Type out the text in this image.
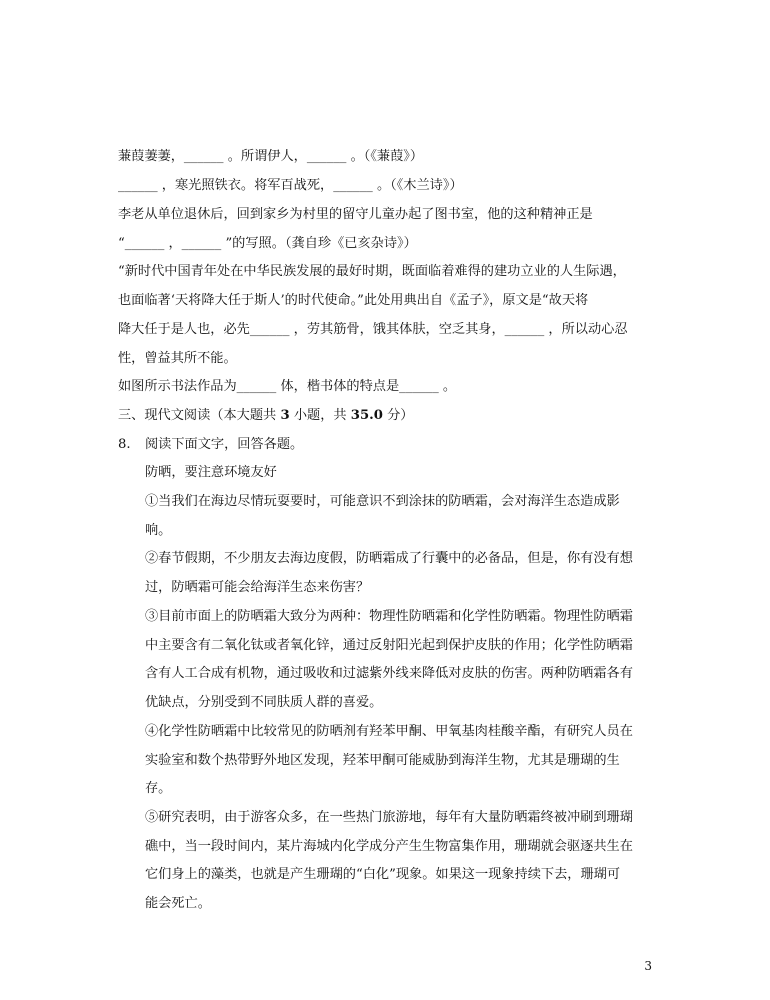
蒹葭萋萋，______ 。所谓伊人，______ 。（《蒹葭》）
______ ，寒光照铁衣。将军百战死，______ 。（《木兰诗》）
李老从单位退休后，回到家乡为村里的留守儿童办起了图书室，他的这种精神正是
“______ ，______ ”的写照。（龚自珍《已亥杂诗》）
“新时代中国青年处在中华民族发展的最好时期，既面临着难得的建功立业的人生际遇，
也面临著‘天将降大任于斯人’的时代使命。”此处用典出自《孟子》，原文是“故天将
降大任于是人也，必先______ ，劳其筋骨，饿其体肤，空乏其身，______ ，所以动心忍
性，曾益其所不能。
如图所示书法作品为______ 体，楷书体的特点是______ 。
三、现代文阅读（本大题共 3 小题，共 35.0 分）
8. 阅读下面文字，回答各题。
防晒，要注意环境友好
①当我们在海边尽情玩耍要时，可能意识不到涂抹的防晒霜，会对海洋生态造成影
响。
②春节假期，不少朋友去海边度假，防晒霜成了行囊中的必备品，但是，你有没有想
过，防晒霜可能会给海洋生态来伤害？
③目前市面上的防晒霜大致分为两种：物理性防晒霜和化学性防晒霜。物理性防晒霜
中主要含有二氧化钛或者氧化锌，通过反射阳光起到保护皮肤的作用；化学性防晒霜
含有人工合成有机物，通过吸收和过滤紫外线来降低对皮肤的伤害。两种防晒霜各有
优缺点，分别受到不同肤质人群的喜爱。
④化学性防晒霜中比较常见的防晒剂有羟苯甲酮、甲氧基肉桂酸辛酯，有研究人员在
实验室和数个热带野外地区发现，羟苯甲酮可能威胁到海洋生物，尤其是珊瑚的生
存。
⑤研究表明，由于游客众多，在一些热门旅游地，每年有大量防晒霜终被冲刷到珊瑚
礁中，当一段时间内，某片海城内化学成分产生生物富集作用，珊瑚就会驱逐共生在
它们身上的藻类，也就是产生珊瑚的“白化”现象。如果这一现象持续下去，珊瑚可
能会死亡。
3
